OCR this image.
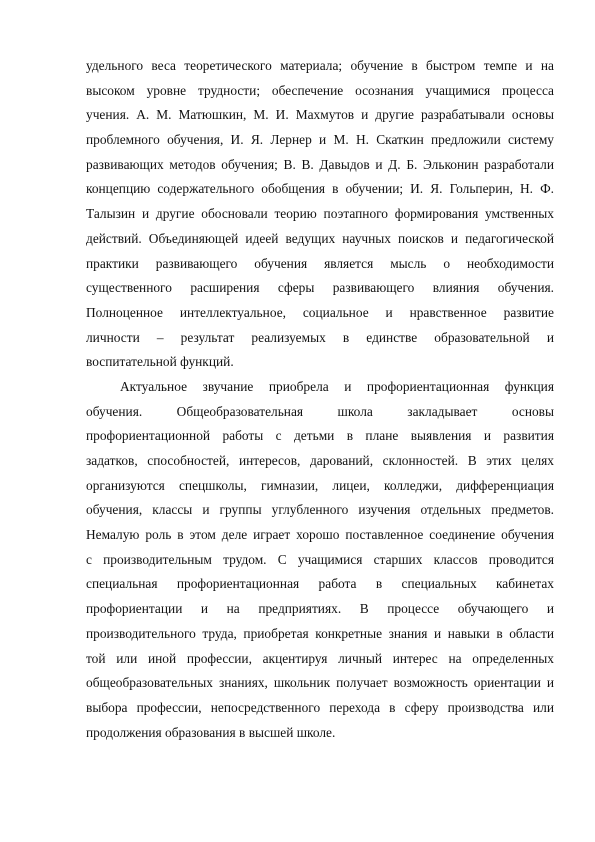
удельного веса теоретического материала; обучение в быстром темпе и на
высоком уровне трудности; обеспечение осознания учащимися процесса
учения. А. М. Матюшкин, М. И. Махмутов и другие разрабатывали основы
проблемного обучения, И. Я. Лернер и М. Н. Скаткин предложили систему
развивающих методов обучения; В. В. Давыдов и Д. Б. Эльконин разработали
концепцию содержательного обобщения в обучении; И. Я. Гольперин, Н. Ф.
Талызин и другие обосновали теорию поэтапного формирования умственных
действий. Объединяющей идеей ведущих научных поисков и педагогической
практики развивающего обучения является мысль о необходимости
существенного расширения сферы развивающего влияния обучения.
Полноценное интеллектуальное, социальное и нравственное развитие
личности – результат реализуемых в единстве образовательной и
воспитательной функций.
Актуальное звучание приобрела и профориентационная функция
обучения. Общеобразовательная школа закладывает основы
профориентационной работы с детьми в плане выявления и развития
задатков, способностей, интересов, дарований, склонностей. В этих целях
организуются спецшколы, гимназии, лицеи, колледжи, дифференциация
обучения, классы и группы углубленного изучения отдельных предметов.
Немалую роль в этом деле играет хорошо поставленное соединение обучения
с производительным трудом. С учащимися старших классов проводится
специальная профориентационная работа в специальных кабинетах
профориентации и на предприятиях. В процессе обучающего и
производительного труда, приобретая конкретные знания и навыки в области
той или иной профессии, акцентируя личный интерес на определенных
общеобразовательных знаниях, школьник получает возможность ориентации и
выбора профессии, непосредственного перехода в сферу производства или
продолжения образования в высшей школе.
